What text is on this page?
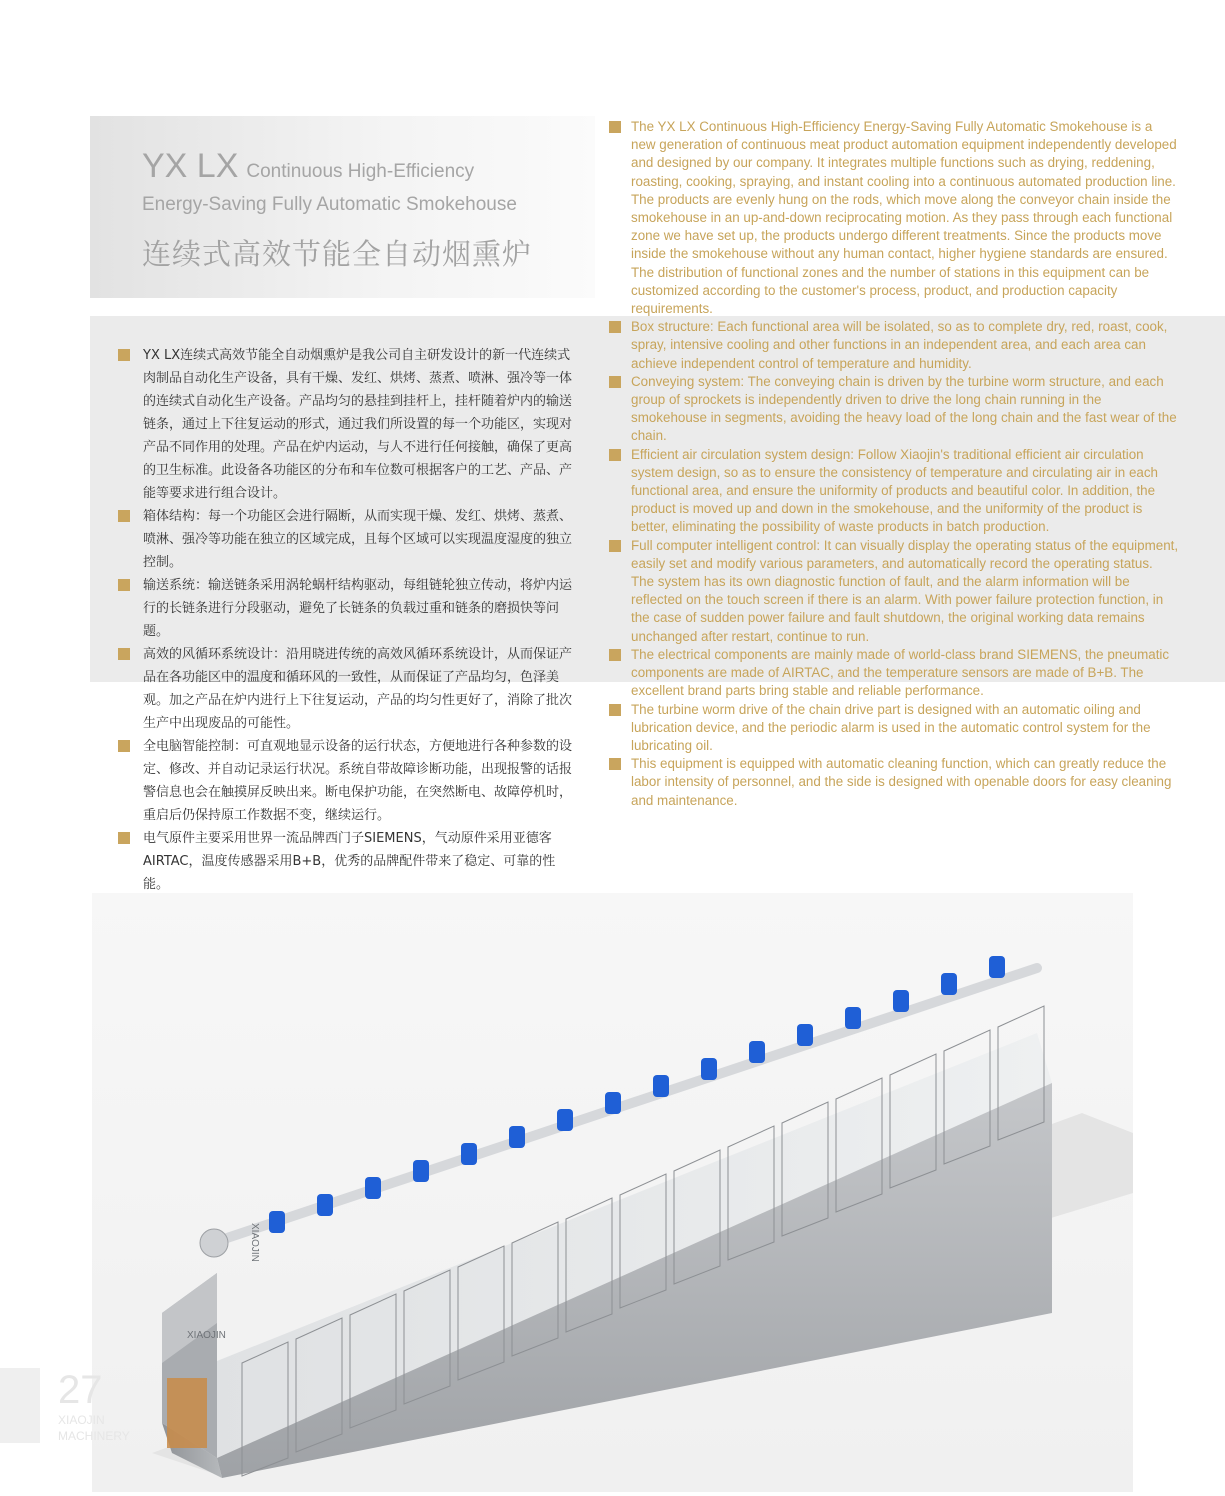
YX LX Continuous High-Efficiency
Energy-Saving Fully Automatic Smokehouse
连续式高效节能全自动烟熏炉
YX LX连续式高效节能全自动烟熏炉是我公司自主研发设计的新一代连续式肉制品自动化生产设备，具有干燥、发红、烘烤、蒸煮、喷淋、强冷等一体的连续式自动化生产设备。产品均匀的悬挂到挂杆上，挂杆随着炉内的输送链条，通过上下往复运动的形式，通过我们所设置的每一个功能区，实现对产品不同作用的处理。产品在炉内运动，与人不进行任何接触，确保了更高的卫生标准。此设备各功能区的分布和车位数可根据客户的工艺、产品、产能等要求进行组合设计。
箱体结构：每一个功能区会进行隔断，从而实现干燥、发红、烘烤、蒸煮、喷淋、强冷等功能在独立的区域完成，且每个区域可以实现温度湿度的独立控制。
输送系统：输送链条采用涡轮蜗杆结构驱动，每组链轮独立传动，将炉内运行的长链条进行分段驱动，避免了长链条的负载过重和链条的磨损快等问题。
高效的风循环系统设计：沿用晓进传统的高效风循环系统设计，从而保证产品在各功能区中的温度和循环风的一致性，从而保证了产品均匀，色泽美观。加之产品在炉内进行上下往复运动，产品的均匀性更好了，消除了批次生产中出现废品的可能性。
全电脑智能控制：可直观地显示设备的运行状态，方便地进行各种参数的设定、修改、并自动记录运行状况。系统自带故障诊断功能，出现报警的话报警信息也会在触摸屏反映出来。断电保护功能，在突然断电、故障停机时，重启后仍保持原工作数据不变，继续运行。
电气原件主要采用世界一流品牌西门子SIEMENS，气动原件采用亚德客AIRTAC，温度传感器采用B+B，优秀的品牌配件带来了稳定、可靠的性能。
The YX LX Continuous High-Efficiency Energy-Saving Fully Automatic Smokehouse is a new generation of continuous meat product automation equipment independently developed and designed by our company. It integrates multiple functions such as drying, reddening, roasting, cooking, spraying, and instant cooling into a continuous automated production line. The products are evenly hung on the rods, which move along the conveyor chain inside the smokehouse in an up-and-down reciprocating motion. As they pass through each functional zone we have set up, the products undergo different treatments. Since the products move inside the smokehouse without any human contact, higher hygiene standards are ensured. The distribution of functional zones and the number of stations in this equipment can be customized according to the customer's process, product, and production capacity requirements.
Box structure: Each functional area will be isolated, so as to complete dry, red, roast, cook, spray, intensive cooling and other functions in an independent area, and each area can achieve independent control of temperature and humidity.
Conveying system: The conveying chain is driven by the turbine worm structure, and each group of sprockets is independently driven to drive the long chain running in the smokehouse in segments, avoiding the heavy load of the long chain and the fast wear of the chain.
Efficient air circulation system design: Follow Xiaojin's traditional efficient air circulation system design, so as to ensure the consistency of temperature and circulating air in each functional area, and ensure the uniformity of products and beautiful color. In addition, the product is moved up and down in the smokehouse, and the uniformity of the product is better, eliminating the possibility of waste products in batch production.
Full computer intelligent control: It can visually display the operating status of the equipment, easily set and modify various parameters, and automatically record the operating status. The system has its own diagnostic function of fault, and the alarm information will be reflected on the touch screen if there is an alarm. With power failure protection function, in the case of sudden power failure and fault shutdown, the original working data remains unchanged after restart, continue to run.
The electrical components are mainly made of world-class brand SIEMENS, the pneumatic components are made of AIRTAC, and the temperature sensors are made of B+B. The excellent brand parts bring stable and reliable performance.
The turbine worm drive of the chain drive part is designed with an automatic oiling and lubrication device, and the periodic alarm is used in the automatic control system for the lubricating oil.
This equipment is equipped with automatic cleaning function, which can greatly reduce the labor intensity of personnel, and the side is designed with openable doors for easy cleaning and maintenance.
XIAOJIN
XIAOJIN
27
XIAOJIN
MACHINERY
